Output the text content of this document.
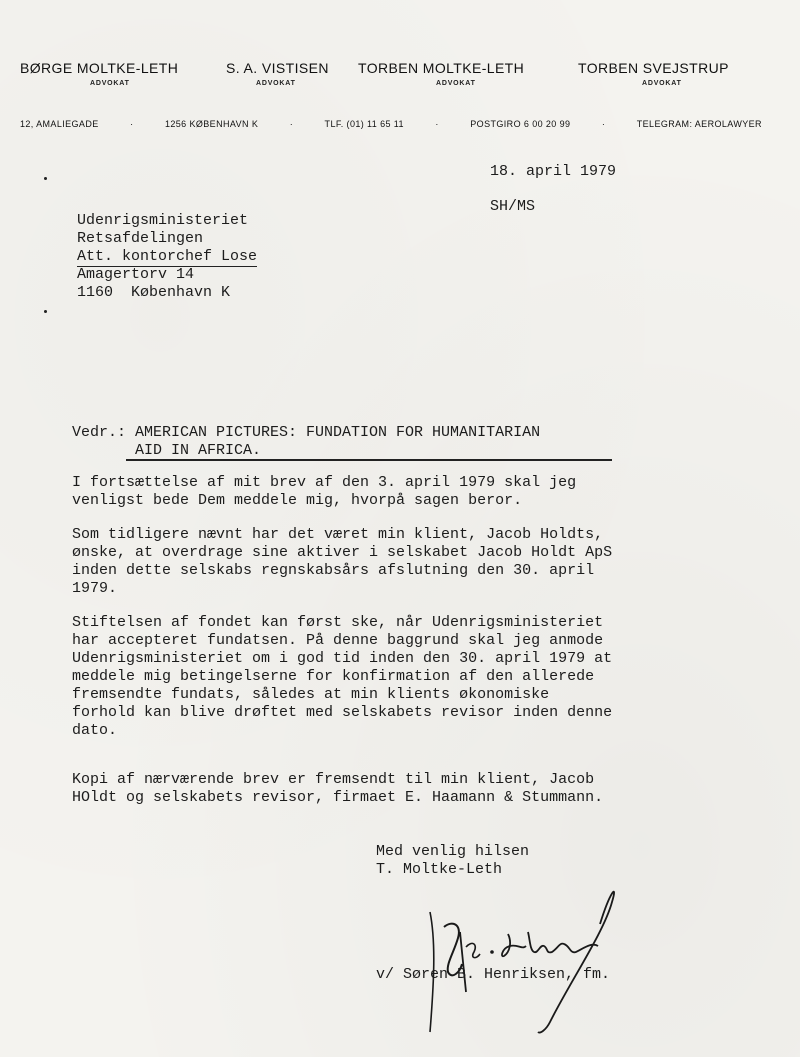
BØRGE MOLTKE-LETH
ADVOKAT
S. A. VISTISEN
ADVOKAT
TORBEN MOLTKE-LETH
ADVOKAT
TORBEN SVEJSTRUP
ADVOKAT
12, AMALIEGADE	·	1256 KØBENHAVN K	·	TLF. (01) 11 65 11	·	POSTGIRO 6 00 20 99	·	TELEGRAM: AEROLAWYER
18. april 1979
SH/MS
Udenrigsministeriet
Retsafdelingen
Att. kontorchef Lose
Amagertorv 14
1160  København K
Vedr.: AMERICAN PICTURES: FUNDATION FOR HUMANITARIAN
AID IN AFRICA.
I fortsættelse af mit brev af den 3. april 1979 skal jeg
venligst bede Dem meddele mig, hvorpå sagen beror.
Som tidligere nævnt har det været min klient, Jacob Holdts,
ønske, at overdrage sine aktiver i selskabet Jacob Holdt ApS
inden dette selskabs regnskabsårs afslutning den 30. april
1979.
Stiftelsen af fondet kan først ske, når Udenrigsministeriet
har accepteret fundatsen. På denne baggrund skal jeg anmode
Udenrigsministeriet om i god tid inden den 30. april 1979 at
meddele mig betingelserne for konfirmation af den allerede
fremsendte fundats, således at min klients økonomiske
forhold kan blive drøftet med selskabets revisor inden denne
dato.
Kopi af nærværende brev er fremsendt til min klient, Jacob
HOldt og selskabets revisor, firmaet E. Haamann & Stummann.
Med venlig hilsen
T. Moltke-Leth
v/ Søren B. Henriksen, fm.
